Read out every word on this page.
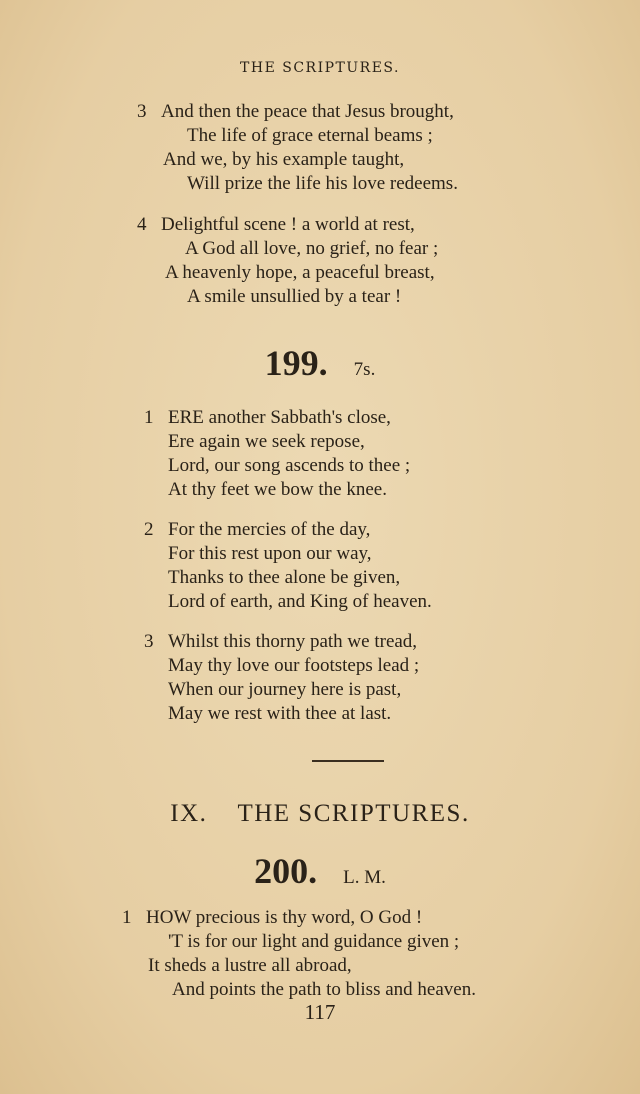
THE SCRIPTURES.
3 And then the peace that Jesus brought,
The life of grace eternal beams ;
And we, by his example taught,
Will prize the life his love redeems.
4 Delightful scene ! a world at rest,
A God all love, no grief, no fear ;
A heavenly hope, a peaceful breast,
A smile unsullied by a tear !
199. 7s.
1 ERE another Sabbath's close,
Ere again we seek repose,
Lord, our song ascends to thee ;
At thy feet we bow the knee.
2 For the mercies of the day,
For this rest upon our way,
Thanks to thee alone be given,
Lord of earth, and King of heaven.
3 Whilst this thorny path we tread,
May thy love our footsteps lead ;
When our journey here is past,
May we rest with thee at last.
IX. THE SCRIPTURES.
200. L. M.
1 HOW precious is thy word, O God !
'T is for our light and guidance given ;
It sheds a lustre all abroad,
And points the path to bliss and heaven.
117
